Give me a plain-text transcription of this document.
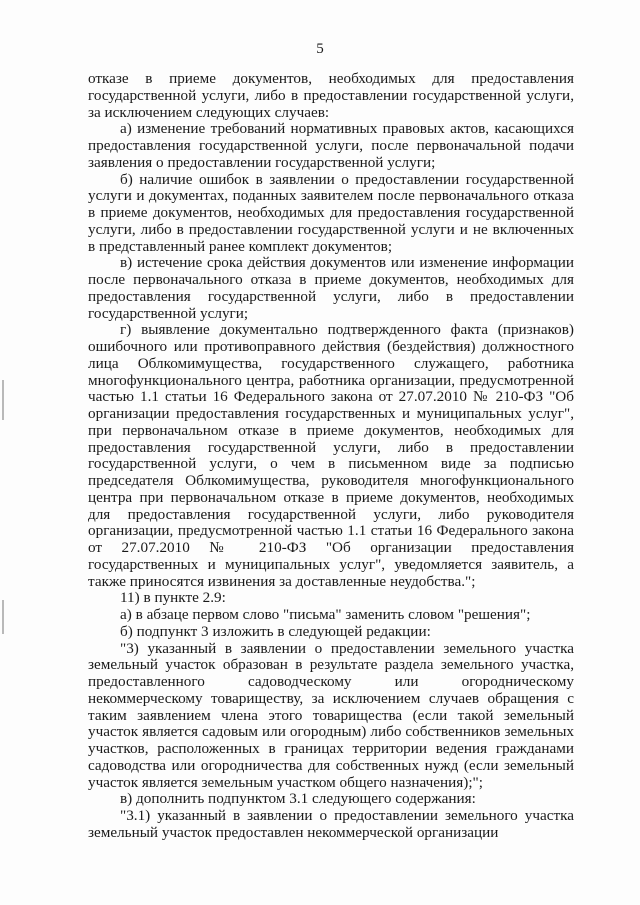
5

отказе в приеме документов, необходимых для предоставления государственной услуги, либо в предоставлении государственной услуги, за исключением следующих случаев:

а) изменение требований нормативных правовых актов, касающихся предоставления государственной услуги, после первоначальной подачи заявления о предоставлении государственной услуги;

б) наличие ошибок в заявлении о предоставлении государственной услуги и документах, поданных заявителем после первоначального отказа в приеме документов, необходимых для предоставления государственной услуги, либо в предоставлении государственной услуги и не включенных в представленный ранее комплект документов;

в) истечение срока действия документов или изменение информации после первоначального отказа в приеме документов, необходимых для предоставления государственной услуги, либо в предоставлении государственной услуги;

г) выявление документально подтвержденного факта (признаков) ошибочного или противоправного действия (бездействия) должностного лица Облкомимущества, государственного служащего, работника многофункционального центра, работника организации, предусмотренной частью 1.1 статьи 16 Федерального закона от 27.07.2010 № 210-ФЗ "Об организации предоставления государственных и муниципальных услуг", при первоначальном отказе в приеме документов, необходимых для предоставления государственной услуги, либо в предоставлении государственной услуги, о чем в письменном виде за подписью председателя Облкомимущества, руководителя многофункционального центра при первоначальном отказе в приеме документов, необходимых для предоставления государственной услуги, либо руководителя организации, предусмотренной частью 1.1 статьи 16 Федерального закона от 27.07.2010 № 210-ФЗ "Об организации предоставления государственных и муниципальных услуг", уведомляется заявитель, а также приносятся извинения за доставленные неудобства.";

11) в пункте 2.9:

а) в абзаце первом слово "письма" заменить словом "решения";

б) подпункт 3 изложить в следующей редакции:

"3) указанный в заявлении о предоставлении земельного участка земельный участок образован в результате раздела земельного участка, предоставленного садоводческому или огородническому некоммерческому товариществу, за исключением случаев обращения с таким заявлением члена этого товарищества (если такой земельный участок является садовым или огородным) либо собственников земельных участков, расположенных в границах территории ведения гражданами садоводства или огородничества для собственных нужд (если земельный участок является земельным участком общего назначения);";

в) дополнить подпунктом 3.1 следующего содержания:

"3.1) указанный в заявлении о предоставлении земельного участка земельный участок предоставлен некоммерческой организации
